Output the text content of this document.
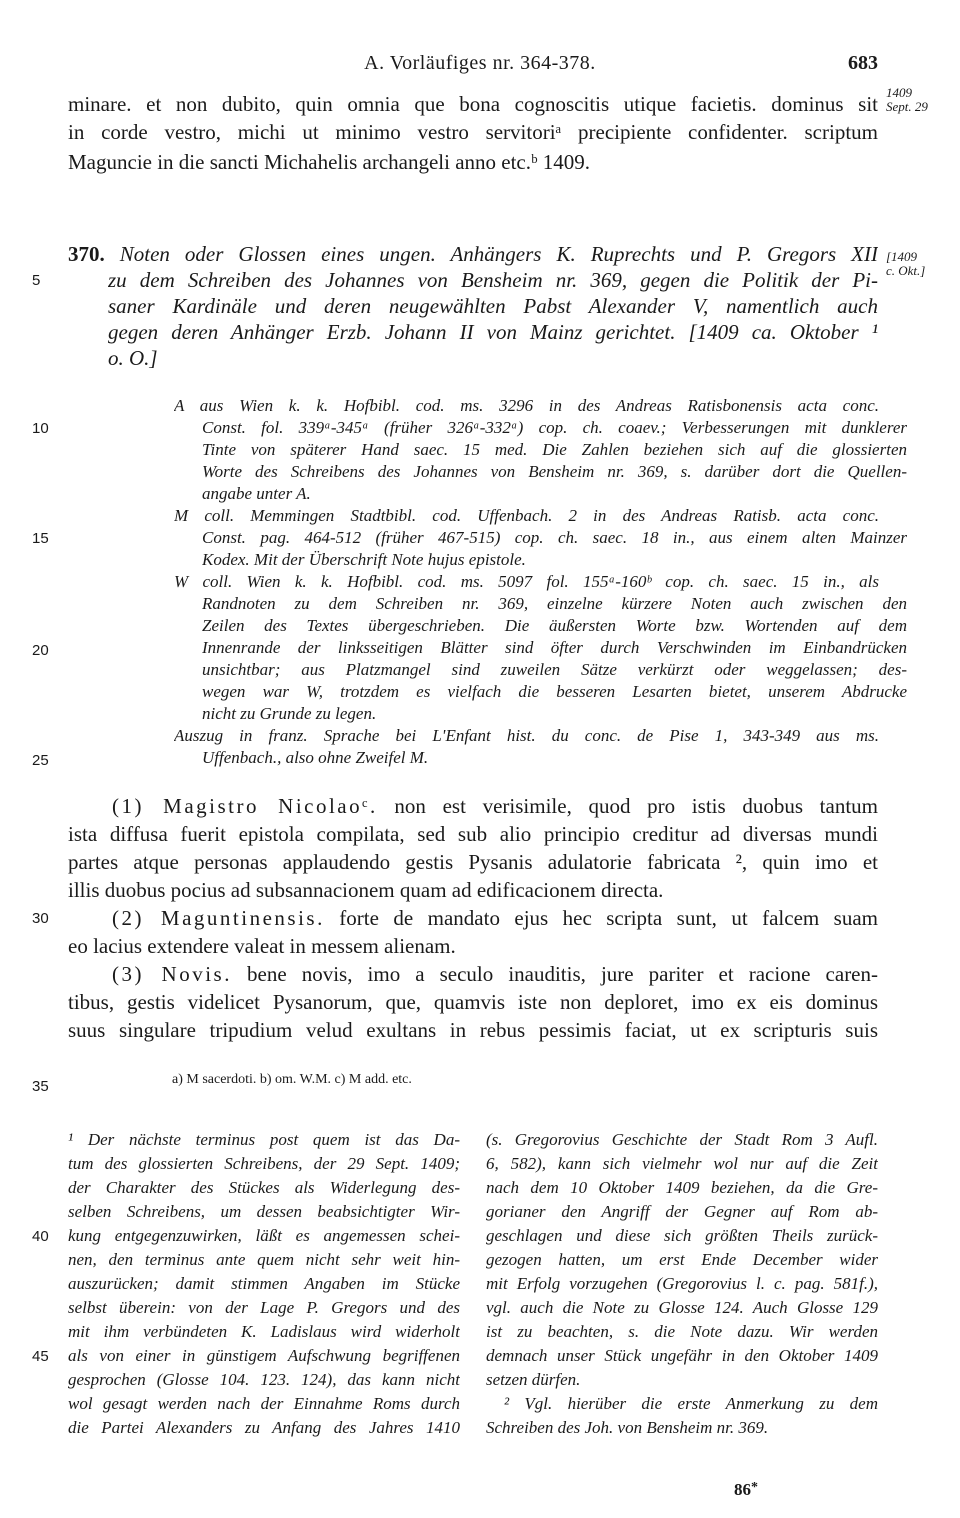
A. Vorläufiges nr. 364-378.	683
minare. et non dubito, quin omnia que bona cognoscitis utique facietis. dominus sit
in corde vestro, michi ut minimo vestro servitoriᵃ precipiente confidenter. scriptum
Maguncie in die sancti Michahelis archangeli anno etc.ᵇ 1409.
1409
Sept. 29
370. Noten oder Glossen eines ungen. Anhängers K. Ruprechts und P. Gregors XII
zu dem Schreiben des Johannes von Bensheim nr. 369, gegen die Politik der Pi-
saner Kardinäle und deren neugewählten Pabst Alexander V, namentlich auch
gegen deren Anhänger Erzb. Johann II von Mainz gerichtet. [1409 ca. Oktober ¹
o. O.]
[1409
c. Okt.]
A aus Wien k. k. Hofbibl. cod. ms. 3296 in des Andreas Ratisbonensis acta conc.
Const. fol. 339ᵃ-345ᵃ (früher 326ᵃ-332ᵃ) cop. ch. coaev.; Verbesserungen mit dunklerer
Tinte von späterer Hand saec. 15 med. Die Zahlen beziehen sich auf die glossierten
Worte des Schreibens des Johannes von Bensheim nr. 369, s. darüber dort die Quellen-
angabe unter A.
M coll. Memmingen Stadtbibl. cod. Uffenbach. 2 in des Andreas Ratisb. acta conc.
Const. pag. 464-512 (früher 467-515) cop. ch. saec. 18 in., aus einem alten Mainzer
Kodex. Mit der Überschrift Note hujus epistole.
W coll. Wien k. k. Hofbibl. cod. ms. 5097 fol. 155ᵃ-160ᵇ cop. ch. saec. 15 in., als
Randnoten zu dem Schreiben nr. 369, einzelne kürzere Noten auch zwischen den
Zeilen des Textes übergeschrieben. Die äußersten Worte bzw. Wortenden auf dem
Innenrande der linksseitigen Blätter sind öfter durch Verschwinden im Einbandrücken
unsichtbar; aus Platzmangel sind zuweilen Sätze verkürzt oder weggelassen; des-
wegen war W, trotzdem es vielfach die besseren Lesarten bietet, unserem Abdrucke
nicht zu Grunde zu legen.
Auszug in franz. Sprache bei L'Enfant hist. du conc. de Pise 1, 343-349 aus ms.
Uffenbach., also ohne Zweifel M.
(1) Magistro Nicolaoᶜ. non est verisimile, quod pro istis duobus tantum
ista diffusa fuerit epistola compilata, sed sub alio principio creditur ad diversas mundi
partes atque personas applaudendo gestis Pysanis adulatorie fabricata ², quin imo et
illis duobus pocius ad subsannacionem quam ad edificacionem directa.
(2) Maguntinensis. forte de mandato ejus hec scripta sunt, ut falcem suam
eo lacius extendere valeat in messem alienam.
(3) Novis. bene novis, imo a seculo inauditis, jure pariter et racione caren-
tibus, gestis videlicet Pysanorum, que, quamvis iste non deploret, imo ex eis dominus
suus singulare tripudium velud exultans in rebus pessimis faciat, ut ex scripturis suis
a) M sacerdoti. b) om. W.M. c) M add. etc.
¹ Der nächste terminus post quem ist das Da-
tum des glossierten Schreibens, der 29 Sept. 1409;
der Charakter des Stückes als Widerlegung des-
selben Schreibens, um dessen beabsichtigter Wir-
kung entgegenzuwirken, läßt es angemessen schei-
nen, den terminus ante quem nicht sehr weit hin-
auszurücken; damit stimmen Angaben im Stücke
selbst überein: von der Lage P. Gregors und des
mit ihm verbündeten K. Ladislaus wird widerholt
als von einer in günstigem Aufschwung begriffenen
gesprochen (Glosse 104. 123. 124), das kann nicht
wol gesagt werden nach der Einnahme Roms durch
die Partei Alexanders zu Anfang des Jahres 1410
(s. Gregorovius Geschichte der Stadt Rom 3 Aufl.
6, 582), kann sich vielmehr wol nur auf die Zeit
nach dem 10 Oktober 1409 beziehen, da die Gre-
gorianer den Angriff der Gegner auf Rom ab-
geschlagen und diese sich größten Theils zurück-
gezogen hatten, um erst Ende December wider
mit Erfolg vorzugehen (Gregorovius l. c. pag. 581f.),
vgl. auch die Note zu Glosse 124. Auch Glosse 129
ist zu beachten, s. die Note dazu. Wir werden
demnach unser Stück ungefähr in den Oktober 1409
setzen dürfen.
² Vgl. hierüber die erste Anmerkung zu dem
Schreiben des Joh. von Bensheim nr. 369.
86*
5
10
15
20
25
30
35
40
45
